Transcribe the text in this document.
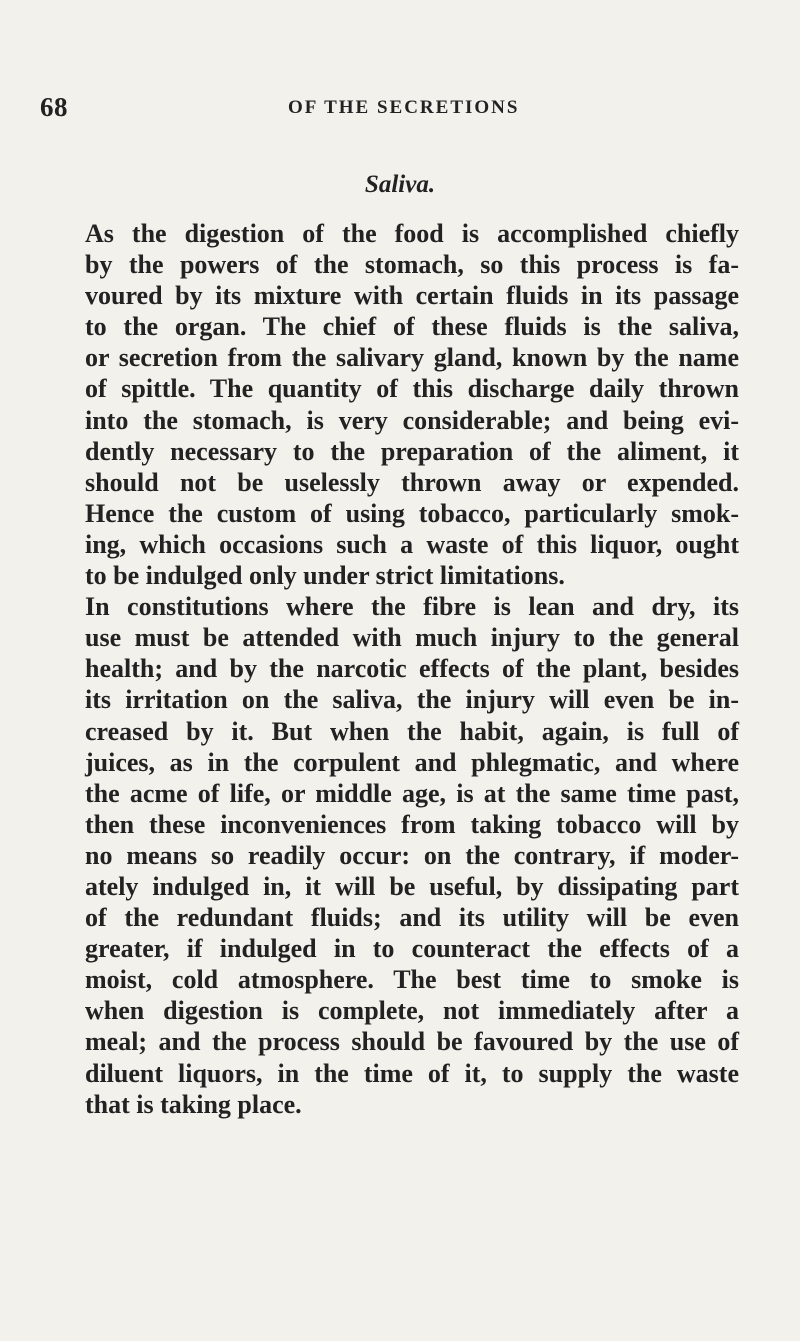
68	OF THE SECRETIONS
Saliva.
As the digestion of the food is accomplished chiefly
by the powers of the stomach, so this process is fa-
voured by its mixture with certain fluids in its passage
to the organ. The chief of these fluids is the saliva,
or secretion from the salivary gland, known by the name
of spittle. The quantity of this discharge daily thrown
into the stomach, is very considerable; and being evi-
dently necessary to the preparation of the aliment, it
should not be uselessly thrown away or expended.
Hence the custom of using tobacco, particularly smok-
ing, which occasions such a waste of this liquor, ought
to be indulged only under strict limitations.
In constitutions where the fibre is lean and dry, its
use must be attended with much injury to the general
health; and by the narcotic effects of the plant, besides
its irritation on the saliva, the injury will even be in-
creased by it. But when the habit, again, is full of
juices, as in the corpulent and phlegmatic, and where
the acme of life, or middle age, is at the same time past,
then these inconveniences from taking tobacco will by
no means so readily occur: on the contrary, if moder-
ately indulged in, it will be useful, by dissipating part
of the redundant fluids; and its utility will be even
greater, if indulged in to counteract the effects of a
moist, cold atmosphere. The best time to smoke is
when digestion is complete, not immediately after a
meal; and the process should be favoured by the use of
diluent liquors, in the time of it, to supply the waste
that is taking place.
